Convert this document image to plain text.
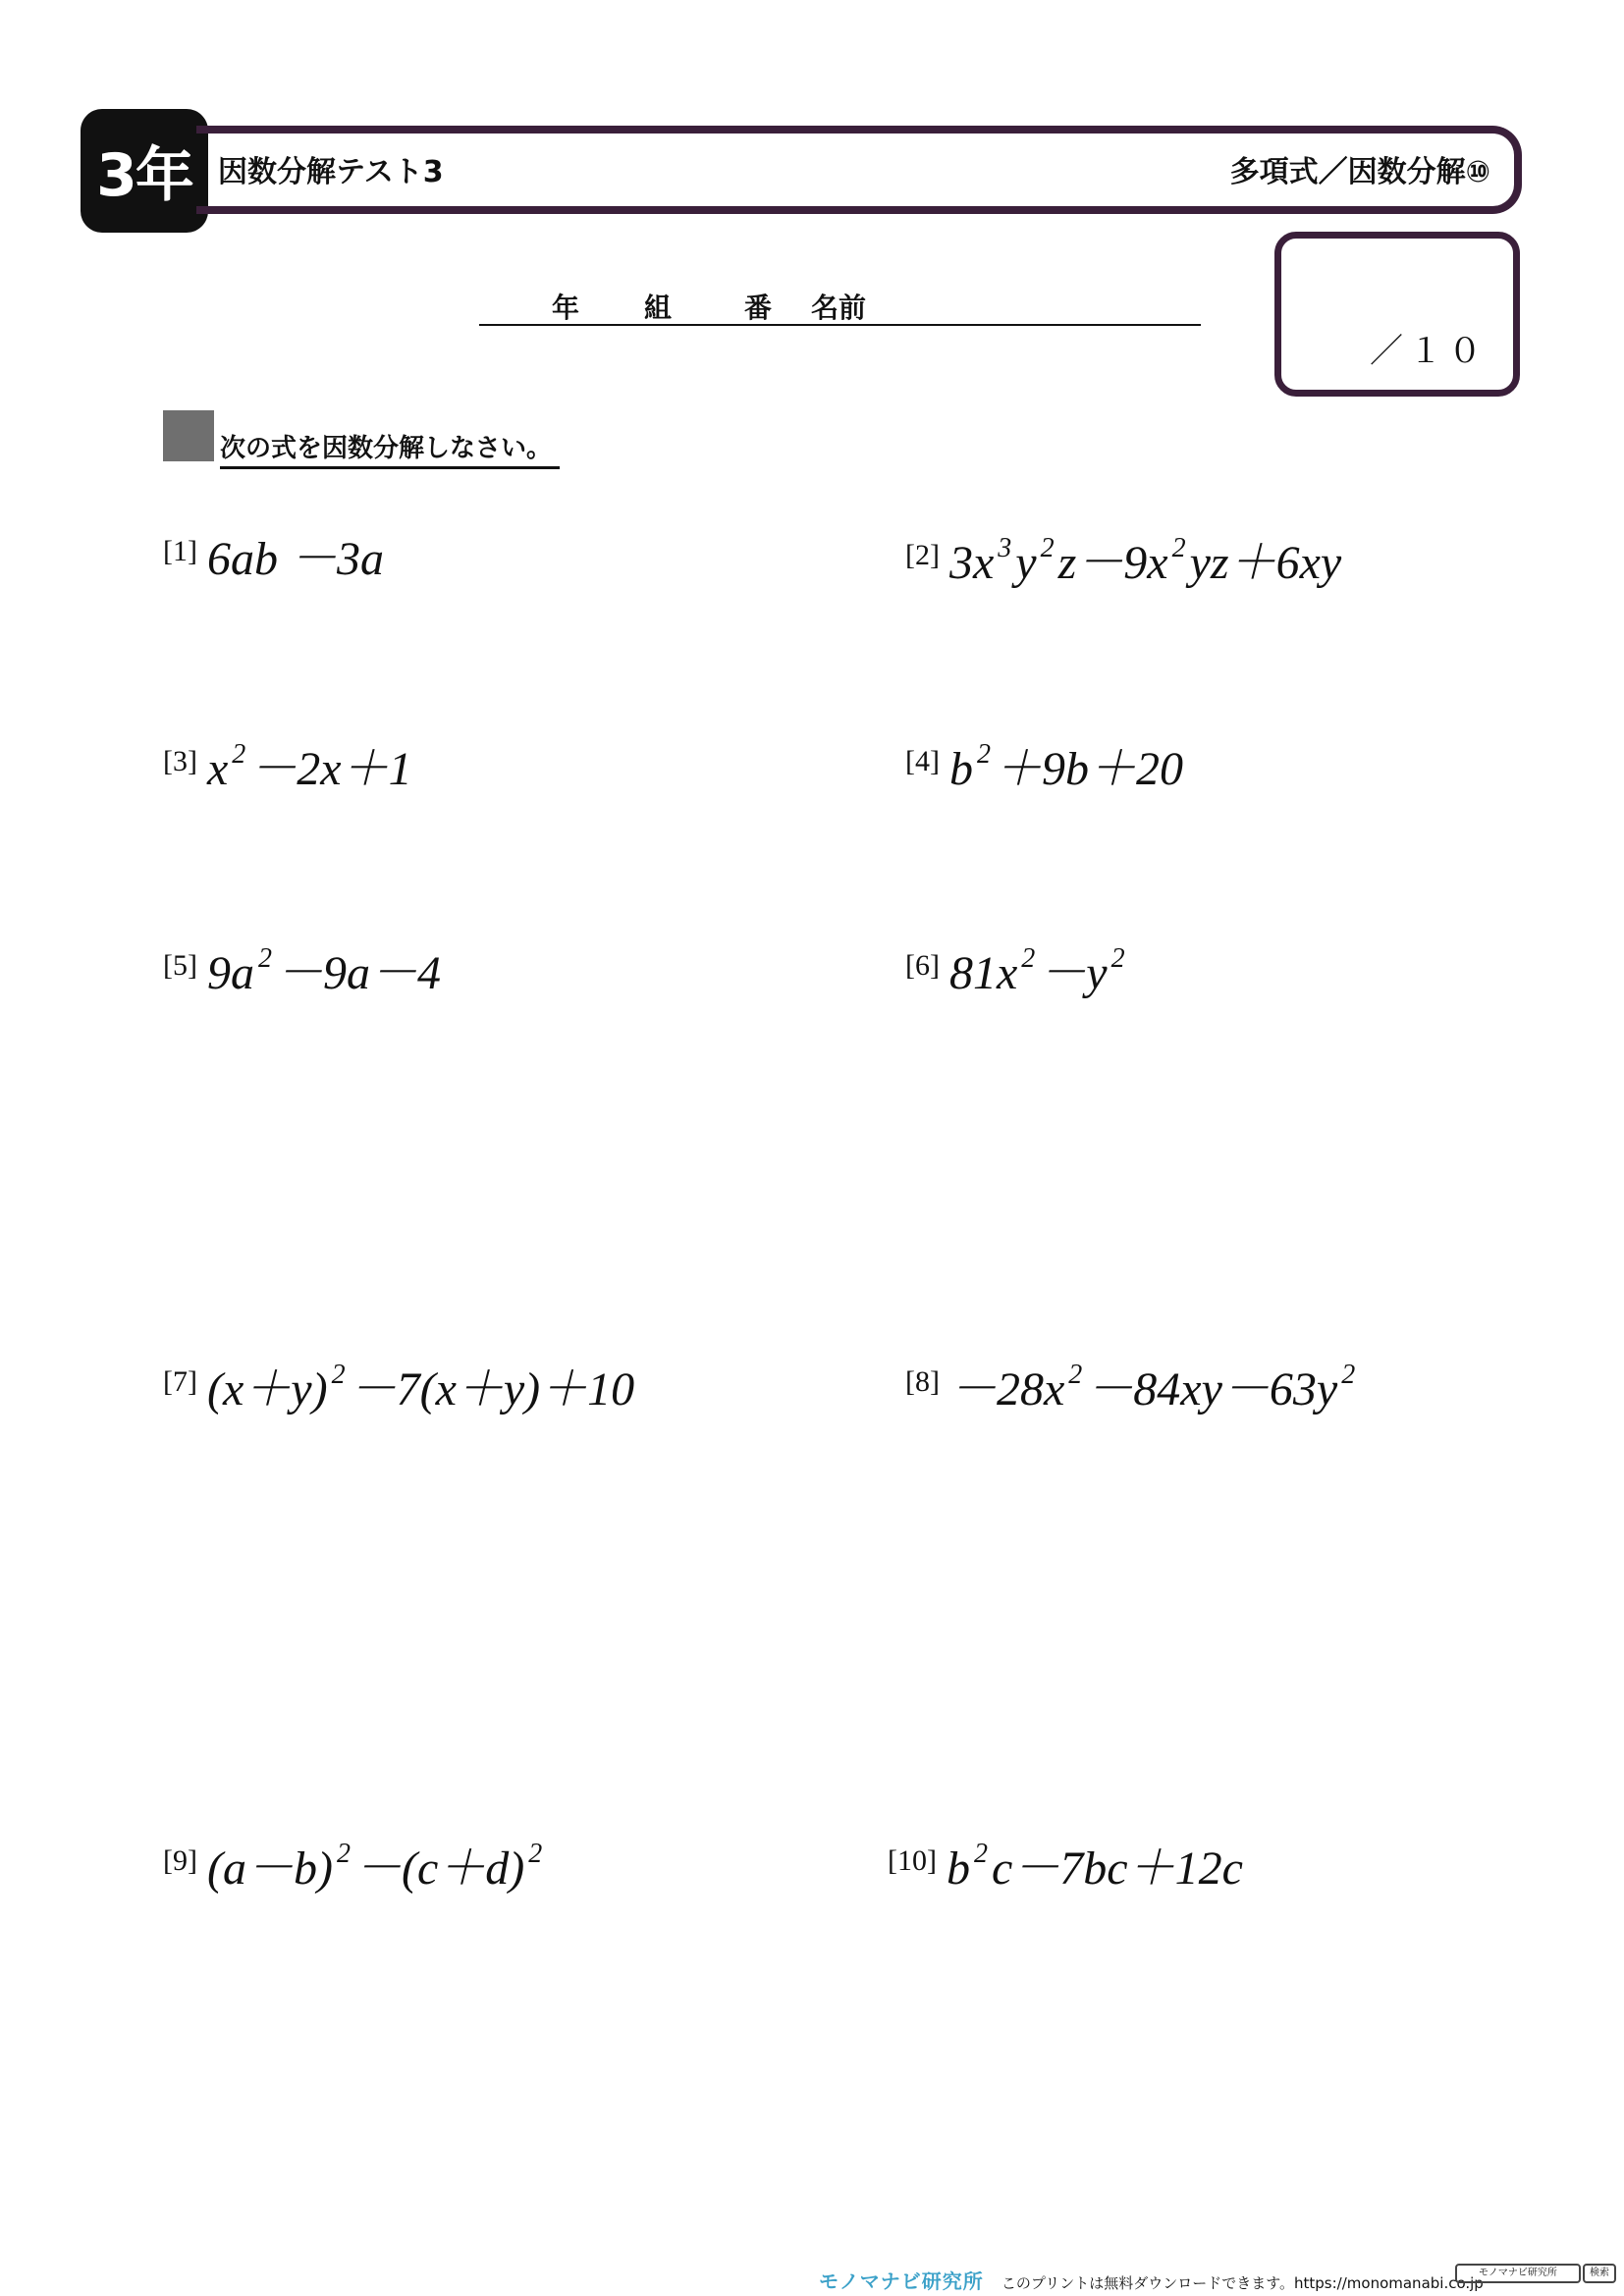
3年 因数分解テスト3	多項式／因数分解⑩
年 組	番 名前
／１０
次の式を因数分解しなさい。
[1] 6ab －3a	[2] 3x $^3$y $^2$z－9x $^2$yz＋6xy
[3] x $^2$－2x＋1	[4] b $^2$＋9b＋20
[5] 9a $^2$－9a－4	[6] 81x $^2$－y $^2$
[7] (x＋y) $^2$－7(x＋y)＋10	[8] －28x $^2$－84xy－63y $^2$
[9] (a－b) $^2$－(c＋d) $^2$	[10] b $^2$c－7bc＋12c
モノマナビ研究所 このプリントは無料ダウンロードできます。https://monomanabi.co.jp
モノマナビ研究所	検索
